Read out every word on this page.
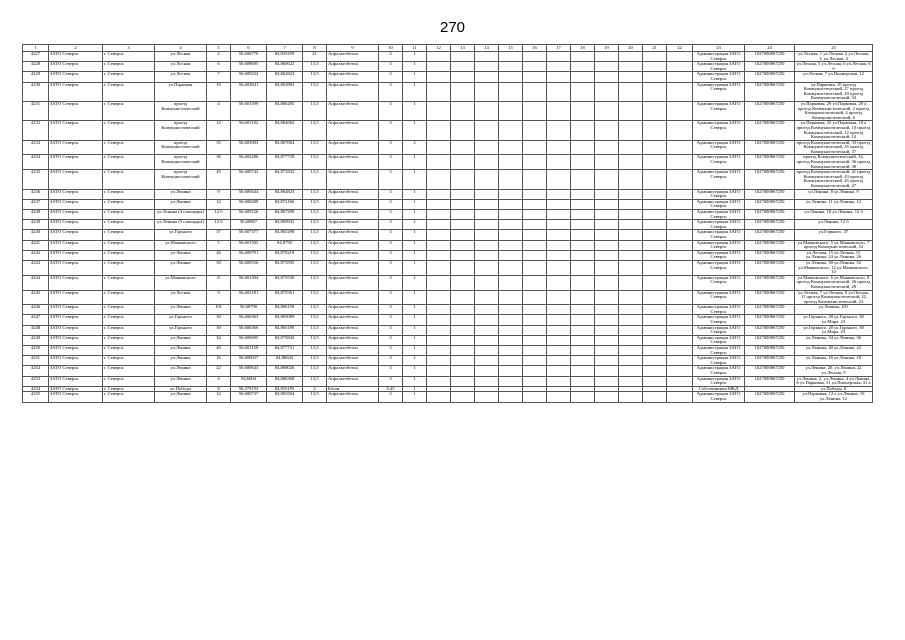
270
1	2	3	4	5	6	7	8	9	10	11	12	13	14	15	16	17	18	19	20	21	22	23	24	25
4227	ЗАТО Северск	г. Северск	ул.Лесная	2	56,606770	84,835459	21	Асфальтобетон	3	1												Администрация ЗАТО Северск	1027000867250	ул.Лесная, 1 ул.Лесная, 2 ул.Лесная, 3, ул.Лесная, 4
4228	ЗАТО Северск	г. Северск	ул.Лесная	6	56,608695	84,860622	13,5	Асфальтобетон	3	1												Администрация ЗАТО Северск	1027000867250	ул.Лесная, 5 ул.Лесная, 6 ул.Лесная, 6 б
4229	ЗАТО Северск	г. Северск	ул.Лесная	7	56,609232	84,862823	13,5	Асфальтобетон	3	1												Администрация ЗАТО Северск	1027000867250	ул.Лесная, 7 ул.Пионерская, 12
4230	ЗАТО Северск	г. Северск	ул.Парковая	10	56,602841	84,863883	13,5	Асфальтобетон	3	1												Администрация ЗАТО Северск	1027000867250	ул.Парковая, 10 проезд Коммунистический, 27 проезд Коммунистический, 29 проезд Коммунистический, 34
4231	ЗАТО Северск	г. Северск	проезд Коммунистический	4	56,601599	84,866285	13,5	Асфальтобетон	3	1												Администрация ЗАТО Северск	1027000867250	ул.Парковая, 29 ул.Парковая, 29 а проезд Коммунистический, 2 проезд Коммунистический, 4 проезд Коммунистический, 6
4232	ЗАТО Северск	г. Северск	проезд Коммунистический	12	56,601102	84,864682	13,5	Асфальтобетон	3	1												Администрация ЗАТО Северск	1027000867250	ул.Парковая, 25 ул.Парковая, 18 а проезд Коммунистический, 10 проезд Коммунистический, 12 проезд Коммунистический, 14
4233	ЗАТО Северск	г. Северск	проезд Коммунистический	35	56,603903	84,867064	13,5	Асфальтобетон	3	2												Администрация ЗАТО Северск	1027000867250	проезд Коммунистический, 33 проезд Коммунистический, 35 проезд Коммунистический, 37
4234	ЗАТО Северск	г. Северск	проезд Коммунистический	36	56,602286	84,877739	13,5	Асфальтобетон	3	1												Администрация ЗАТО Северск	1027000867250	проезд Коммунистический, 34, проезд Коммунистический, 36 проезд Коммунистический, 38
4235	ЗАТО Северск	г. Северск	проезд Коммунистический	45	56,600742	84,871832	13,5	Асфальтобетон	3	1												Администрация ЗАТО Северск	1027000867250	проезд Коммунистический, 41 проезд Коммунистический, 43 проезд Коммунистический, 45 проезд Коммунистический, 47
4236	ЗАТО Северск	г. Северск	ул.Ленина	9	56,609444	84,864823	13,5	Асфальтобетон	3	1												Администрация ЗАТО Северск	1027000867250	ул.Ленина, 8 ул.Ленина, 9
4237	ЗАТО Северск	г. Северск	ул.Ленина	12	56,608409	84,872166	13,5	Асфальтобетон	3	1												Администрация ЗАТО Северск	1027000867250	ул.Ленина, 11 ул.Ленина, 12
4238	ЗАТО Северск	г. Северск	ул.Ленина (4 площадка)	12 б	56,609126	84,867298	13,5	Асфальтобетон	3	1												Администрация ЗАТО Северск	1027000867250	ул.Ленина, 10 ул.Ленина, 12 б
4239	ЗАТО Северск	г. Северск	ул.Ленина (5 площадка)	12 б	56,60867	84,869932	13,5	Асфальтобетон	3	1												Администрация ЗАТО Северск	1027000867250	ул.Ленина, 12 б
4240	ЗАТО Северск	г. Северск	ул.Горького	37	56,607377	84,865298	13,5	Асфальтобетон	3	1												Администрация ЗАТО Северск	1027000867250	ул.Горького, 37
4241	ЗАТО Северск	г. Северск	ул.Маяковского	5	56,601505	84,8750	13,5	Асфальтобетон	3	1												Администрация ЗАТО Северск	1027000867250	ул.Маяковского, 5 ул.Маяковского, 7 проезд Коммунистический, 52
4242	ЗАТО Северск	г. Северск	ул.Ленина	26	56,600791	84,870218	13,5	Асфальтобетон	3	1												Администрация ЗАТО Северск	1027000867250	ул.Лесная, 15 ул.Лесная, 15 ул.Ленина, 24 ул.Ленина, 26
4243	ЗАТО Северск	г. Северск	ул.Ленина	30	56,600556	84,873595	13,5	Асфальтобетон	3	1												Администрация ЗАТО Северск	1027000867250	ул.Ленина, 30 ул.Ленина, 32 ул.Маяковского, 12 ул.Маяковского, 14
4244	ЗАТО Северск	г. Северск	ул.Маяковского	8	56,601304	84,873536	13,5	Асфальтобетон	3	1												Администрация ЗАТО Северск	1027000867250	ул.Маяковского, 6 ул.Маяковского, 8 проезд Коммунистический, 26 проезд Коммунистический, 28
4245	ЗАТО Северск	г. Северск	ул.Лесная	9	56,602181	84,875561	13,5	Асфальтобетон	3	1												Администрация ЗАТО Северск	1027000867250	ул.Лесная, 7 ул.Лесная, 9 ул.Лесная, 11 проезд Коммунистический, 22 проезд Коммунистический, 24
4246	ЗАТО Северск	г. Северск	ул.Ленина	101	56,60790	84,866158	13,5	Асфальтобетон	3	1												Администрация ЗАТО Северск	1027000867250	ул.Ленина, 101
4247	ЗАТО Северск	г. Северск	ул.Горького	30	56,606363	84,865089	13,5	Асфальтобетон	3	1												Администрация ЗАТО Северск	1027000867250	ул.Горького, 28 ул.Горького, 30 ул.Мира, 23
4248	ЗАТО Северск	г. Северск	ул.Горького	30	56,606366	84,865180	13,5	Асфальтобетон	3	1												Администрация ЗАТО Северск	1027000867250	ул.Горького, 28 ул.Горького, 30 ул.Мира, 25
4249	ЗАТО Северск	г. Северск	ул.Ленина	34	56,600695	84,875843	13,5	Асфальтобетон	3	1												Администрация ЗАТО Северск	1027000867250	ул.Ленина, 34 ул.Ленина, 36
4250	ЗАТО Северск	г. Северск	ул.Ленина	40	56,601159	84,877731	13,5	Асфальтобетон	3	1												Администрация ЗАТО Северск	1027000867250	ул.Ленина, 40 ул.Ленина, 42
4251	ЗАТО Северск	г. Северск	ул.Ленина	16	56,600037	84,86643	13,5	Асфальтобетон	3	1												Администрация ЗАТО Северск	1027000867250	ул.Ленина, 16 ул.Ленина, 18
4252	ЗАТО Северск	г. Северск	ул.Ленина	22	56,600643	84,868026	13,5	Асфальтобетон	3	1												Администрация ЗАТО Северск	1027000867250	ул.Ленина, 20, ул.Ленина, 22 ул.Лесная, 9
4253	ЗАТО Северск	г. Северск	ул.Ленина	4	56,6004	84,866368	13,5	Асфальтобетон	3	1												Администрация ЗАТО Северск	1027000867250	ул.Ленина, 2, ул.Ленина, 4 ул.Ленина, 6 ул.Парковая, 31 ул.Пионерская, 31 а
4254	ЗАТО Северск	г. Северск	ул.Победы	8	56,579193	84,835195	2	Бетон	0,45	1												Собственники МКД		ул.Победы, 8
4255	ЗАТО Северск	г. Северск	ул.Ленина	12	56,600737	84,865504	13,5	Асфальтобетон	3	1												Администрация ЗАТО Северск	1027000867250	ул.Парковая, 12 а ул.Ленина, 10 ул.Ленина, 12
